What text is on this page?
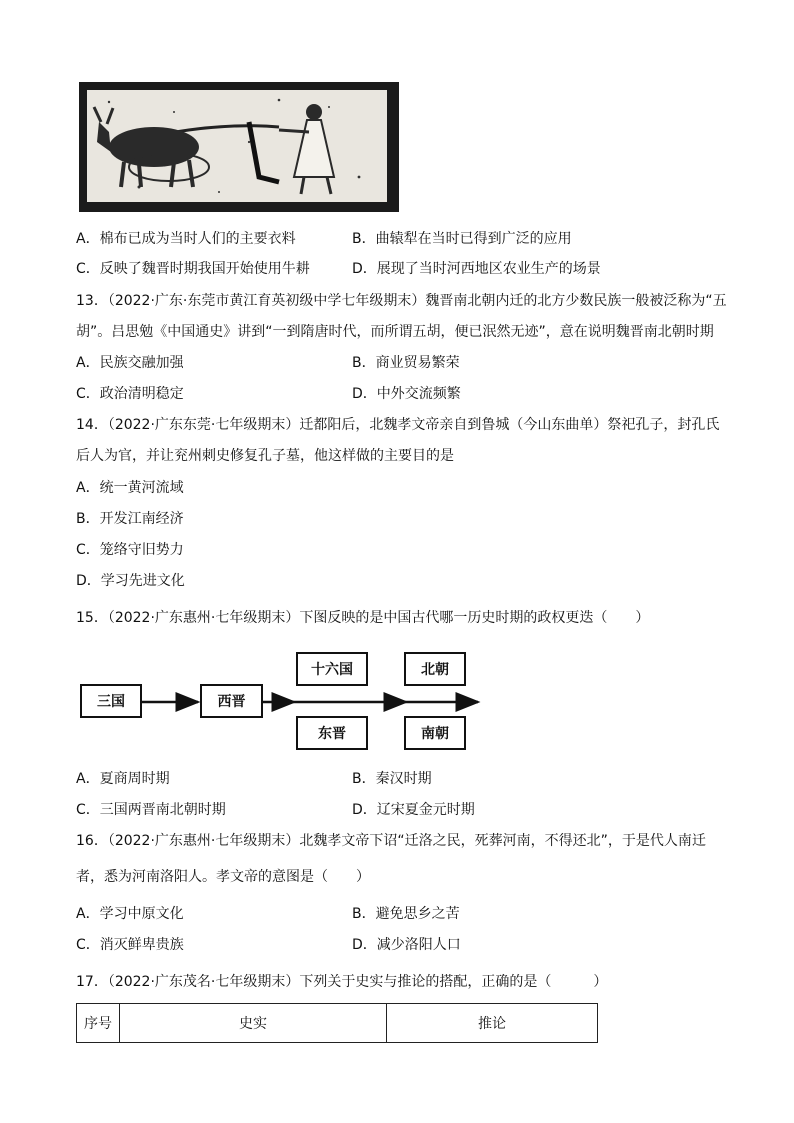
A．棉布已成为当时人们的主要衣料	B．曲辕犁在当时已得到广泛的应用
C．反映了魏晋时期我国开始使用牛耕	D．展现了当时河西地区农业生产的场景
13．（2022·广东·东莞市黄江育英初级中学七年级期末）魏晋南北朝内迁的北方少数民族一般被泛称为“五
胡”。吕思勉《中国通史》讲到“一到隋唐时代，而所谓五胡，便已泯然无迹”，意在说明魏晋南北朝时期
A．民族交融加强	B．商业贸易繁荣
C．政治清明稳定	D．中外交流频繁
14．（2022·广东东莞·七年级期末）迁都阳后，北魏孝文帝亲自到鲁城（今山东曲单）祭祀孔子，封孔氏
后人为官，并让兖州刺史修复孔子墓，他这样做的主要目的是
A．统一黄河流域
B．开发江南经济
C．笼络守旧势力
D．学习先进文化
15．（2022·广东惠州·七年级期末）下图反映的是中国古代哪一历史时期的政权更迭（　　）
三国	西晋
十六国
东晋
北朝
南朝
A．夏商周时期	B．秦汉时期
C．三国两晋南北朝时期	D．辽宋夏金元时期
16．（2022·广东惠州·七年级期末）北魏孝文帝下诏“迁洛之民，死葬河南，不得还北”，于是代人南迁
者，悉为河南洛阳人。孝文帝的意图是（　　）
A．学习中原文化	B．避免思乡之苦
C．消灭鲜卑贵族	D．减少洛阳人口
17．（2022·广东茂名·七年级期末）下列关于史实与推论的搭配，正确的是（　　　）
序号	史实	推论
